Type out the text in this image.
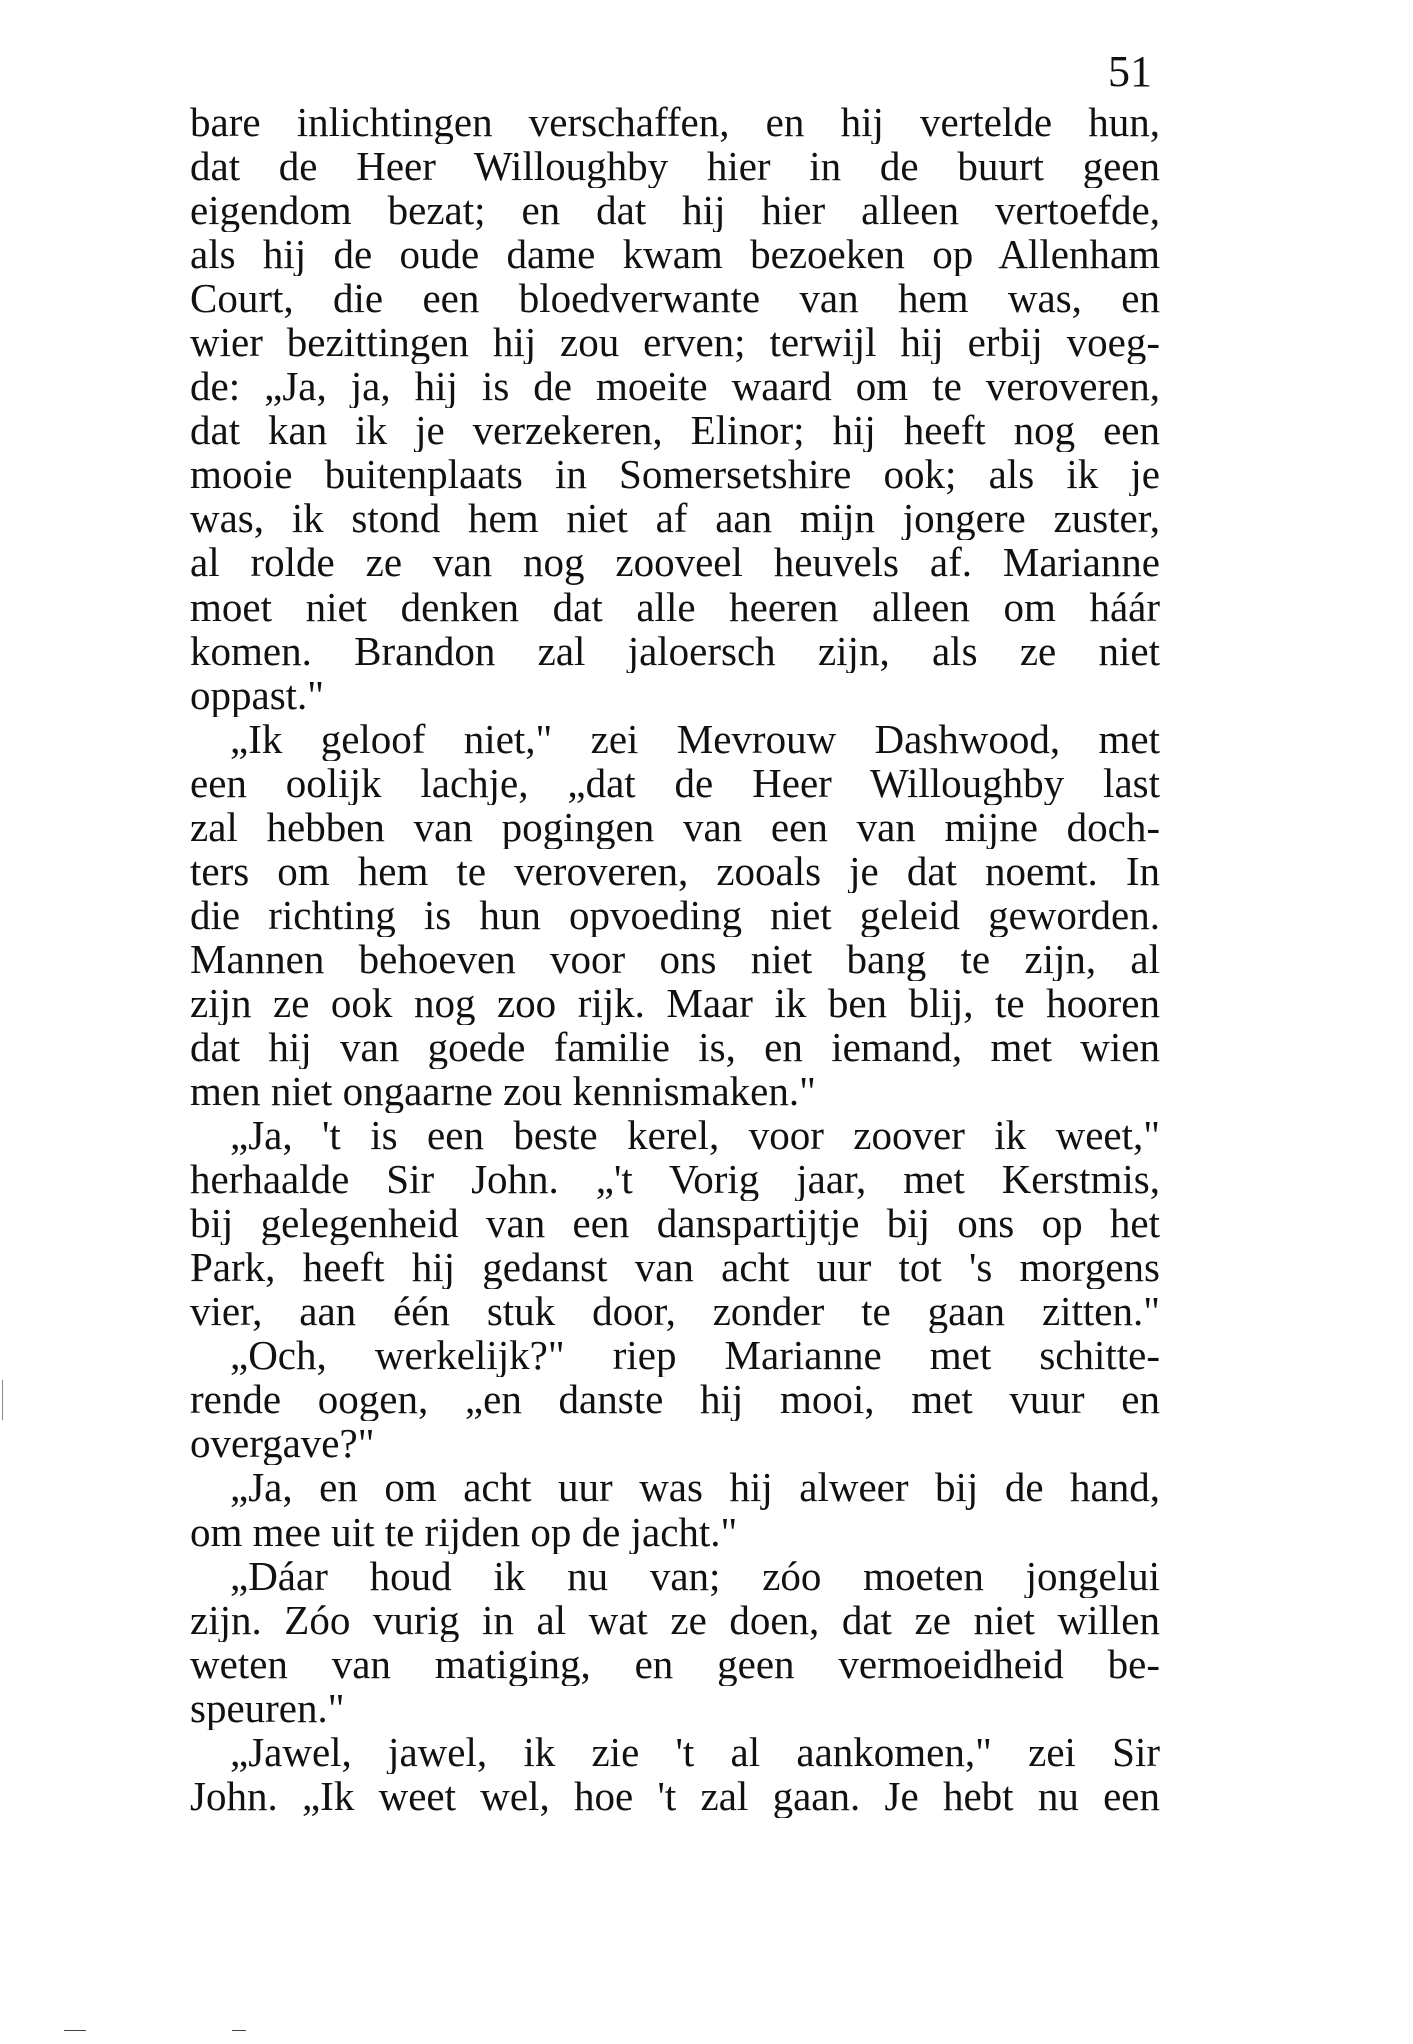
51
bare inlichtingen verschaffen, en hij vertelde hun,
dat de Heer Willoughby hier in de buurt geen
eigendom bezat; en dat hij hier alleen vertoefde,
als hij de oude dame kwam bezoeken op Allenham
Court, die een bloedverwante van hem was, en
wier bezittingen hij zou erven; terwijl hij erbij voeg-
de: „Ja, ja, hij is de moeite waard om te veroveren,
dat kan ik je verzekeren, Elinor; hij heeft nog een
mooie buitenplaats in Somersetshire ook; als ik je
was, ik stond hem niet af aan mijn jongere zuster,
al rolde ze van nog zooveel heuvels af. Marianne
moet niet denken dat alle heeren alleen om háár
komen. Brandon zal jaloersch zijn, als ze niet
oppast."
„Ik geloof niet," zei Mevrouw Dashwood, met
een oolijk lachje, „dat de Heer Willoughby last
zal hebben van pogingen van een van mijne doch-
ters om hem te veroveren, zooals je dat noemt. In
die richting is hun opvoeding niet geleid geworden.
Mannen behoeven voor ons niet bang te zijn, al
zijn ze ook nog zoo rijk. Maar ik ben blij, te hooren
dat hij van goede familie is, en iemand, met wien
men niet ongaarne zou kennismaken."
„Ja, 't is een beste kerel, voor zoover ik weet,"
herhaalde Sir John. „'t Vorig jaar, met Kerstmis,
bij gelegenheid van een danspartijtje bij ons op het
Park, heeft hij gedanst van acht uur tot 's morgens
vier, aan één stuk door, zonder te gaan zitten."
„Och, werkelijk?" riep Marianne met schitte-
rende oogen, „en danste hij mooi, met vuur en
overgave?"
„Ja, en om acht uur was hij alweer bij de hand,
om mee uit te rijden op de jacht."
„Dáar houd ik nu van; zóo moeten jongelui
zijn. Zóo vurig in al wat ze doen, dat ze niet willen
weten van matiging, en geen vermoeidheid be-
speuren."
„Jawel, jawel, ik zie 't al aankomen," zei Sir
John. „Ik weet wel, hoe 't zal gaan. Je hebt nu een
